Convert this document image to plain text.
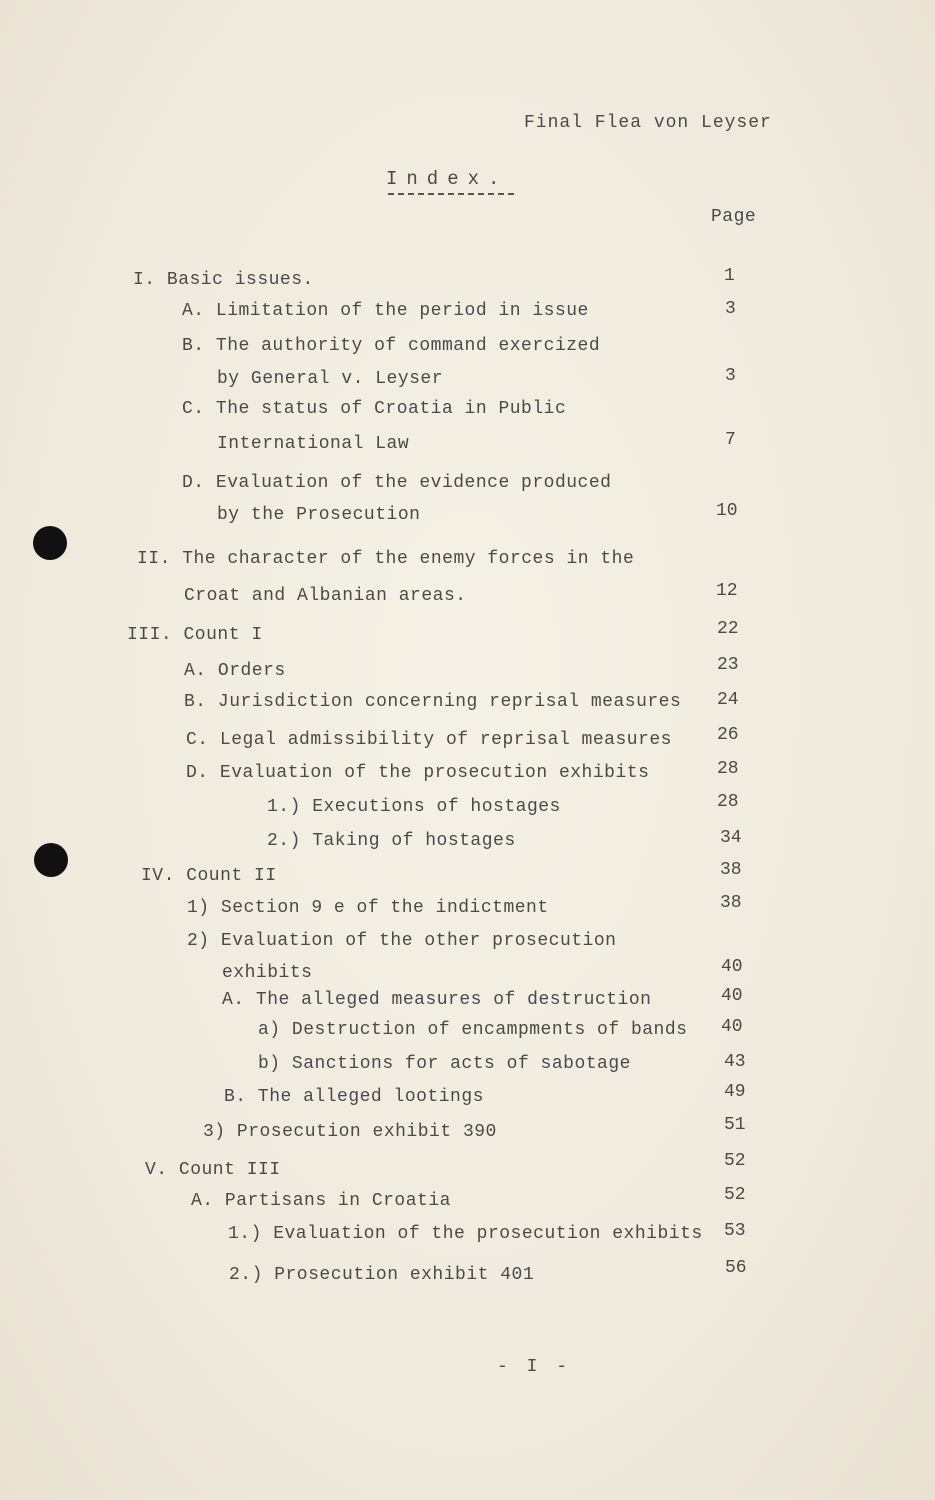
Final Flea von Leyser
Index.
Page
I. Basic issues.	1
A. Limitation of the period in issue	3
B. The authority of command exercized
by General v. Leyser	3
C. The status of Croatia in Public
International Law	7
D. Evaluation of the evidence produced
by the Prosecution	10
II. The character of the enemy forces in the
Croat and Albanian areas.	12
III. Count I	22
A. Orders	23
B. Jurisdiction concerning reprisal measures 24
C. Legal admissibility of reprisal measures	26
D. Evaluation of the prosecution exhibits	28
1.) Executions of hostages	28
2.) Taking of hostages	34
IV. Count II	38
1) Section 9 e of the indictment	38
2) Evaluation of the other prosecution
exhibits	40
A. The alleged measures of destruction	40
a) Destruction of encampments of bands 40
b) Sanctions for acts of sabotage	43
B. The alleged lootings	49
3) Prosecution exhibit 390	51
V. Count III	52
A. Partisans in Croatia	52
1.) Evaluation of the prosecution exhibits 53
2.) Prosecution exhibit 401	56
- I -
